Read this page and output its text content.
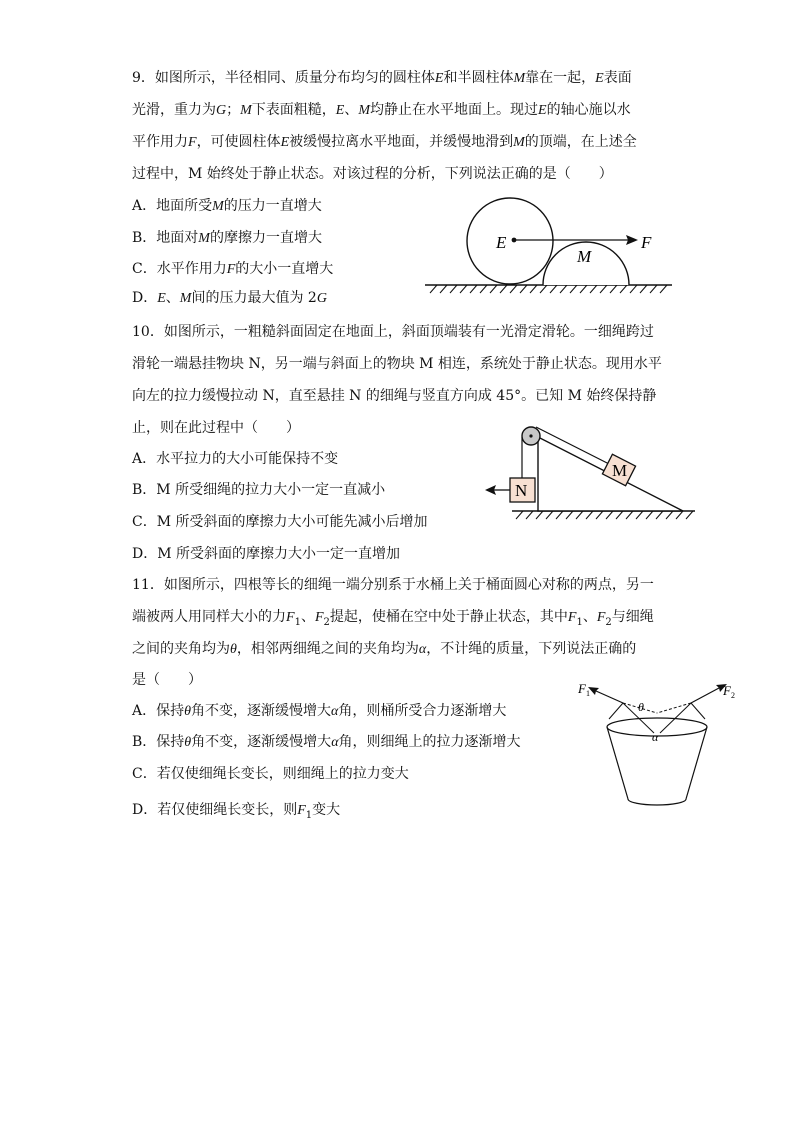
9．如图所示，半径相同、质量分布均匀的圆柱体E和半圆柱体M靠在一起，E表面
光滑，重力为G；M下表面粗糙，E、M均静止在水平地面上。现过E的轴心施以水
平作用力F，可使圆柱体E被缓慢拉离水平地面，并缓慢地滑到M的顶端，在上述全
过程中，M 始终处于静止状态。对该过程的分析，下列说法正确的是（　　）
A．地面所受M的压力一直增大
B．地面对M的摩擦力一直增大
C．水平作用力F的大小一直增大
D．E、M间的压力最大值为 2G
E
M
F
10．如图所示，一粗糙斜面固定在地面上，斜面顶端装有一光滑定滑轮。一细绳跨过
滑轮一端悬挂物块 N，另一端与斜面上的物块 M 相连，系统处于静止状态。现用水平
向左的拉力缓慢拉动 N，直至悬挂 N 的细绳与竖直方向成 45°。已知 M 始终保持静
止，则在此过程中（　　）
A．水平拉力的大小可能保持不变
B．M 所受细绳的拉力大小一定一直减小
C．M 所受斜面的摩擦力大小可能先减小后增加
D．M 所受斜面的摩擦力大小一定一直增加
M
N
11．如图所示，四根等长的细绳一端分别系于水桶上关于桶面圆心对称的两点，另一
端被两人用同样大小的力$F_1$、$F_2$提起，使桶在空中处于静止状态，其中$F_1$、$F_2$与细绳
之间的夹角均为θ，相邻两细绳之间的夹角均为α，不计绳的质量，下列说法正确的
是（　　）
A．保持θ角不变，逐渐缓慢增大α角，则桶所受合力逐渐增大
B．保持θ角不变，逐渐缓慢增大α角，则细绳上的拉力逐渐增大
C．若仅使细绳长变长，则细绳上的拉力变大
D．若仅使细绳长变长，则$F_1$变大
$F_1$	$F_2$
θ
α
